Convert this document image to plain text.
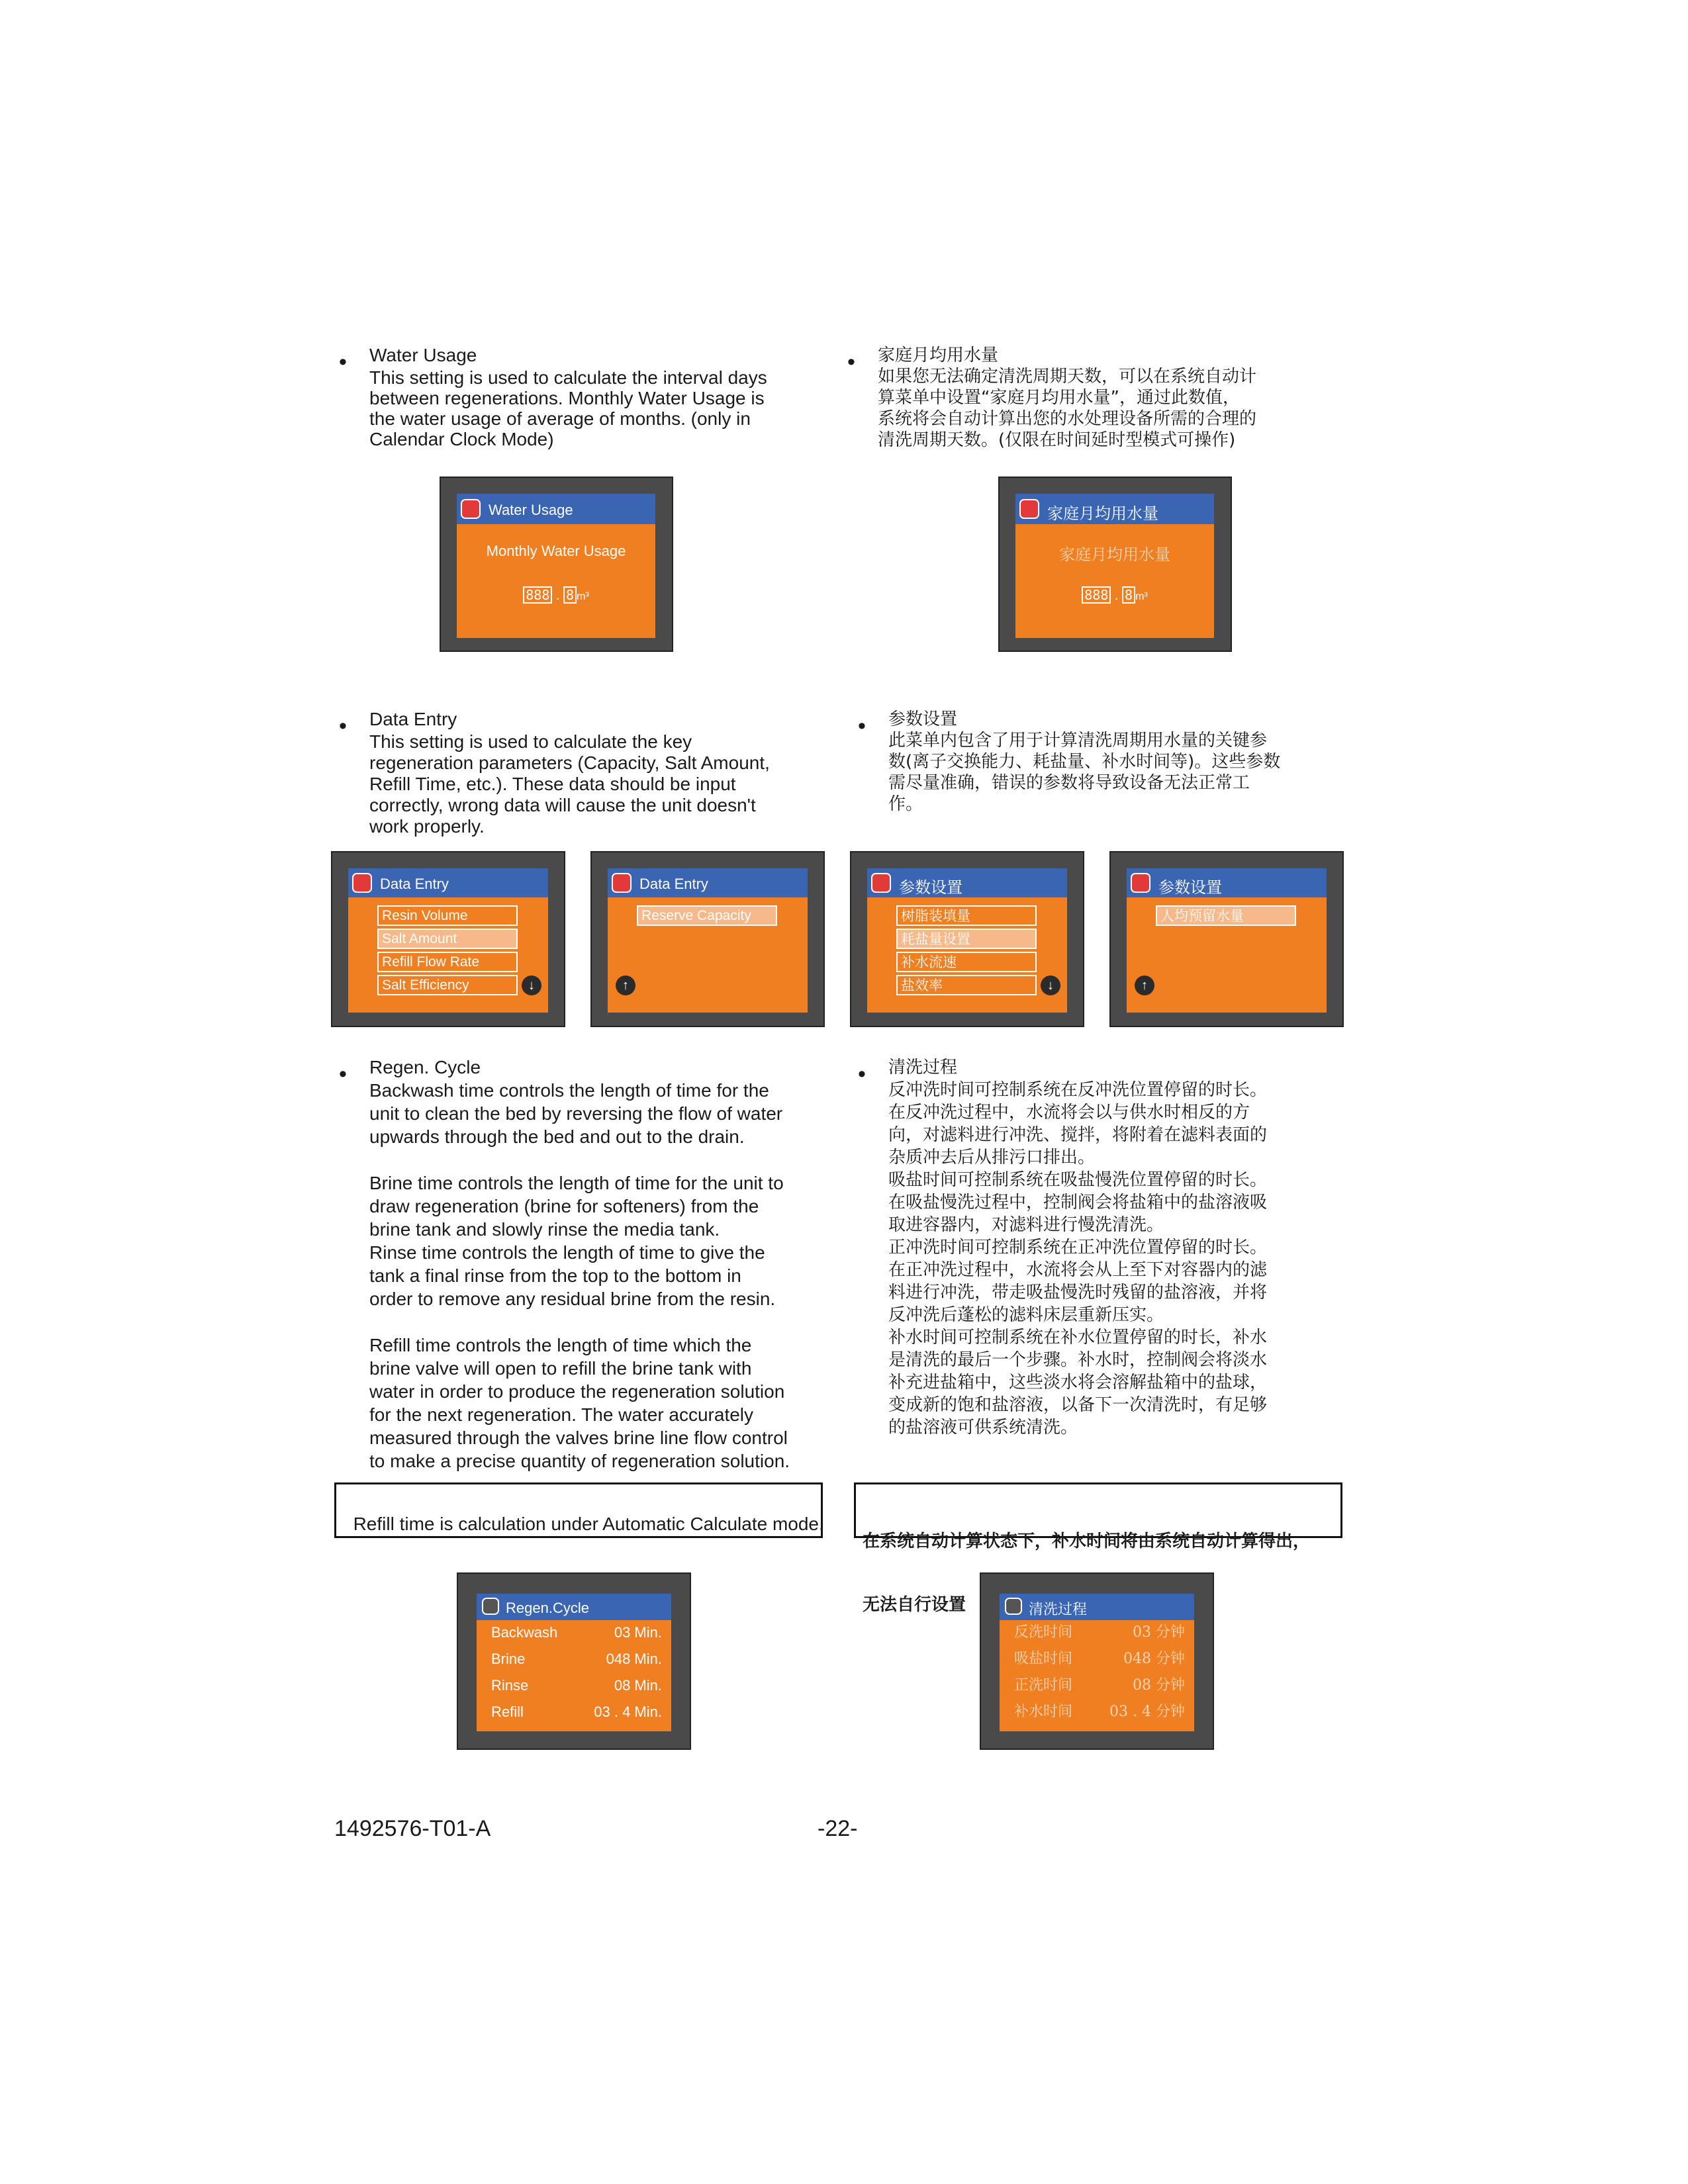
• Water Usage
This setting is used to calculate the interval days
between regenerations. Monthly Water Usage is
the water usage of average of months. (only in
Calendar Clock Mode)
• 家庭月均用水量
如果您无法确定清洗周期天数，可以在系统自动计
算菜单中设置“家庭月均用水量”，通过此数值，
系统将会自动计算出您的水处理设备所需的合理的
清洗周期天数。(仅限在时间延时型模式可操作)
Water Usage
Monthly Water Usage
888 . 8 m³
家庭月均用水量
家庭月均用水量
888 . 8 m³
• Data Entry
This setting is used to calculate the key
regeneration parameters (Capacity, Salt Amount,
Refill Time, etc.). These data should be input
correctly, wrong data will cause the unit doesn't
work properly.
• 参数设置
此菜单内包含了用于计算清洗周期用水量的关键参
数(离子交换能力、耗盐量、补水时间等)。这些参数
需尽量准确，错误的参数将导致设备无法正常工
作。
Data Entry
Resin Volume
Salt Amount
Refill Flow Rate
Salt Efficiency	↓
Data Entry
Reserve Capacity
↑
参数设置
树脂装填量
耗盐量设置
补水流速
盐效率	↓
参数设置
人均预留水量
↑
• Regen. Cycle
Backwash time controls the length of time for the
unit to clean the bed by reversing the flow of water
upwards through the bed and out to the drain.
Brine time controls the length of time for the unit to
draw regeneration (brine for softeners) from the
brine tank and slowly rinse the media tank.
Rinse time controls the length of time to give the
tank a final rinse from the top to the bottom in
order to remove any residual brine from the resin.
Refill time controls the length of time which the
brine valve will open to refill the brine tank with
water in order to produce the regeneration solution
for the next regeneration. The water accurately
measured through the valves brine line flow control
to make a precise quantity of regeneration solution.
• 清洗过程
反冲洗时间可控制系统在反冲洗位置停留的时长。
在反冲洗过程中，水流将会以与供水时相反的方
向，对滤料进行冲洗、搅拌，将附着在滤料表面的
杂质冲去后从排污口排出。
吸盐时间可控制系统在吸盐慢洗位置停留的时长。
在吸盐慢洗过程中，控制阀会将盐箱中的盐溶液吸
取进容器内，对滤料进行慢洗清洗。
正冲洗时间可控制系统在正冲洗位置停留的时长。
在正冲洗过程中，水流将会从上至下对容器内的滤
料进行冲洗，带走吸盐慢洗时残留的盐溶液，并将
反冲洗后蓬松的滤料床层重新压实。
补水时间可控制系统在补水位置停留的时长，补水
是清洗的最后一个步骤。补水时，控制阀会将淡水
补充进盐箱中，这些淡水将会溶解盐箱中的盐球，
变成新的饱和盐溶液，以备下一次清洗时，有足够
的盐溶液可供系统清洗。

Refill time is calculation under Automatic Calculate mode.

在系统自动计算状态下，补水时间将由系统自动计算得出，

无法自行设置

Regen.Cycle
Backwash	03 Min.
Brine	048 Min.
Rinse	08 Min.
Refill	03 . 4 Min.
清洗过程
反洗时间	03 分钟
吸盐时间	048 分钟
正洗时间	08 分钟
补水时间	03 . 4 分钟
1492576-T01-A	-22-
